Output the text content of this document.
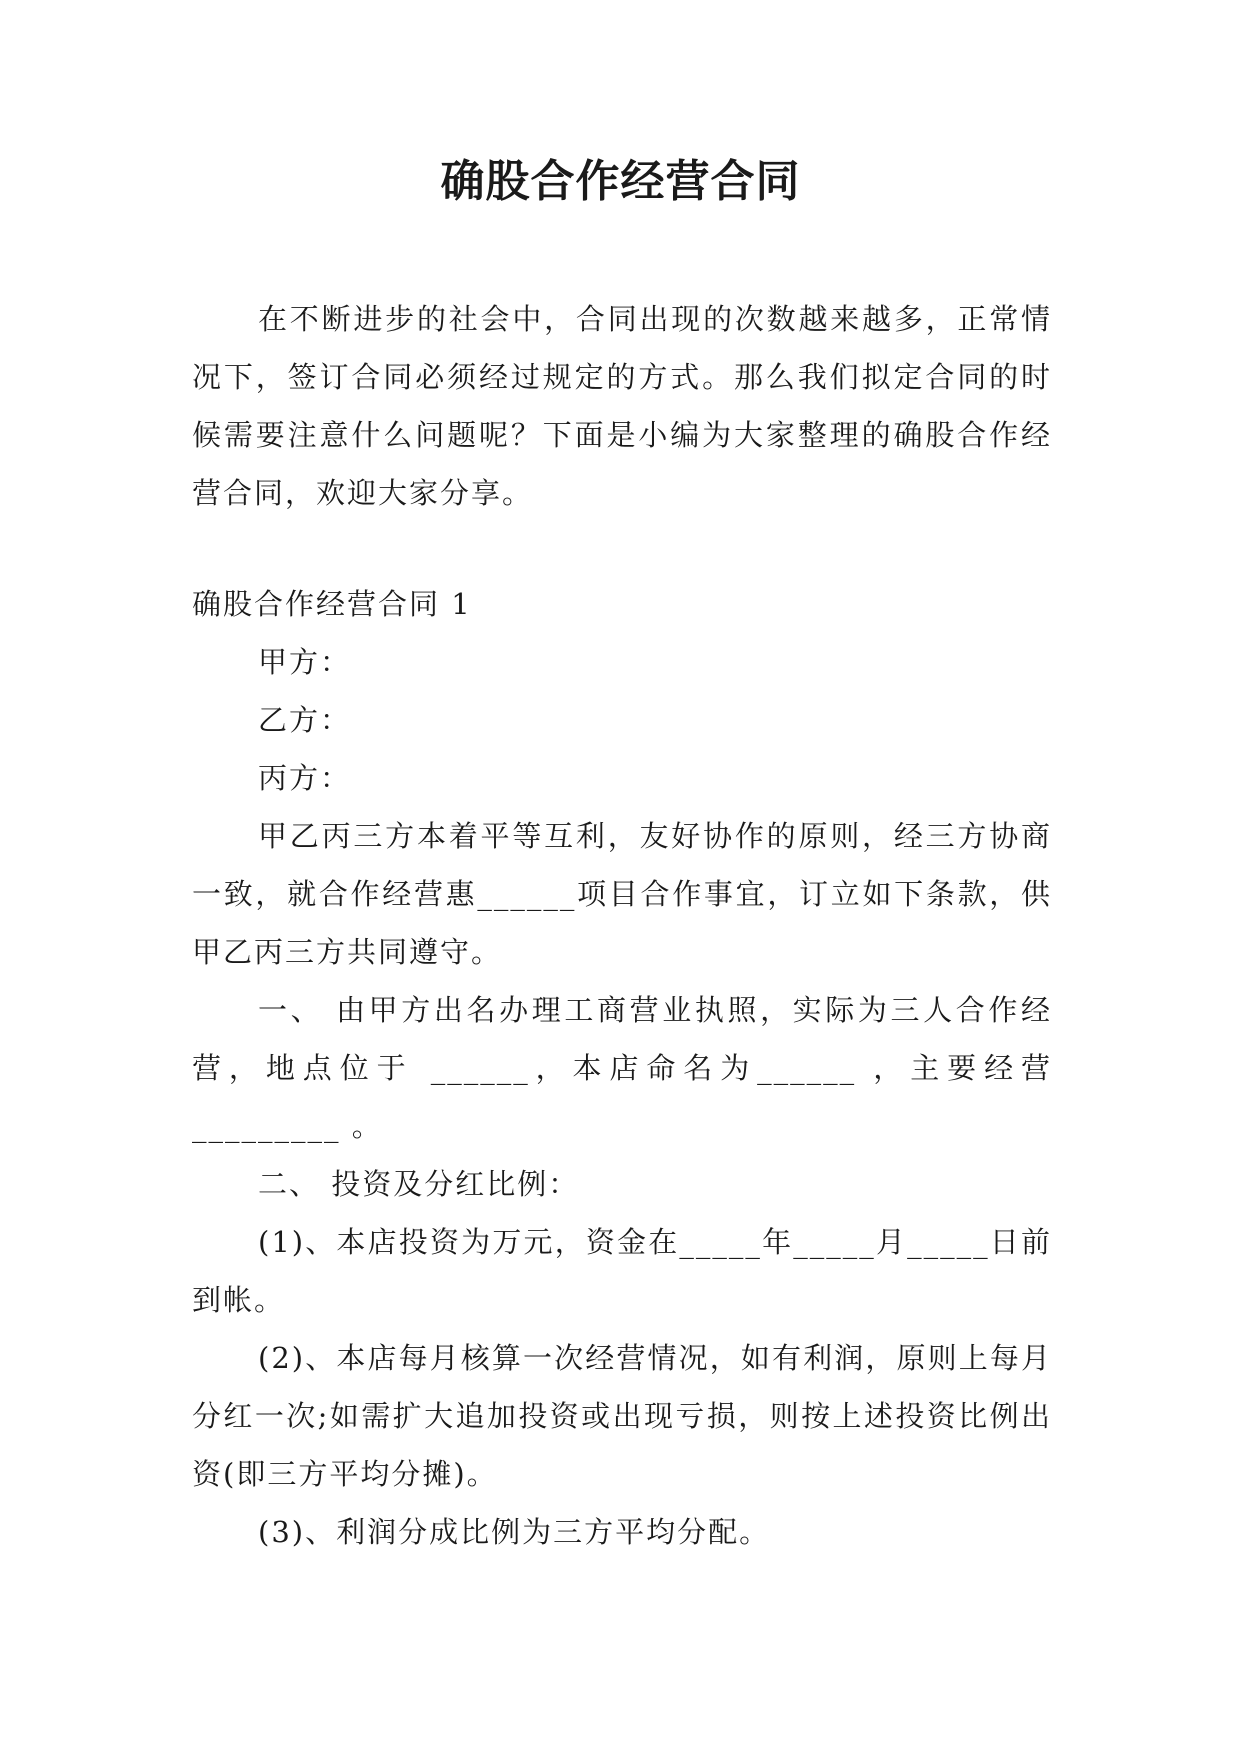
确股合作经营合同

在不断进步的社会中，合同出现的次数越来越多，正常情况下，签订合同必须经过规定的方式。那么我们拟定合同的时候需要注意什么问题呢？下面是小编为大家整理的确股合作经营合同，欢迎大家分享。

确股合作经营合同 1

甲方：

乙方：

丙方：

甲乙丙三方本着平等互利，友好协作的原则，经三方协商一致，就合作经营惠______项目合作事宜，订立如下条款，供甲乙丙三方共同遵守。

一、 由甲方出名办理工商营业执照，实际为三人合作经营，地点位于 ______，本店命名为______ ，主要经营_________ 。

二、 投资及分红比例：

(1)、本店投资为万元，资金在_____年_____月_____日前到帐。

(2)、本店每月核算一次经营情况，如有利润，原则上每月分红一次;如需扩大追加投资或出现亏损，则按上述投资比例出资(即三方平均分摊)。

(3)、利润分成比例为三方平均分配。
